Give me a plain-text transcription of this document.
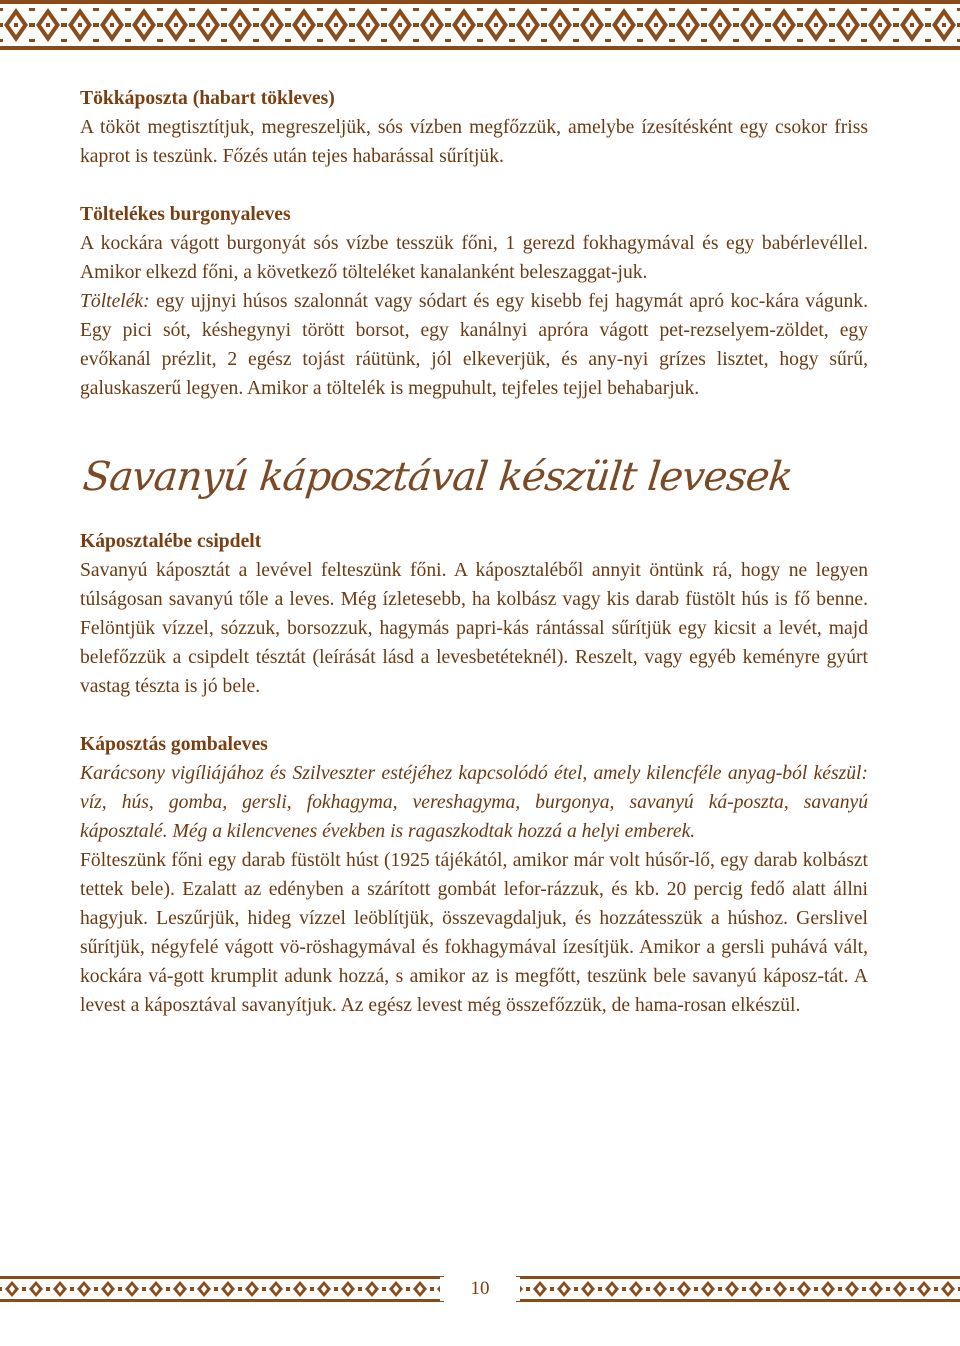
Tökkáposzta (habart tökleves)

A tököt megtisztítjuk, megreszeljük, sós vízben megfőzzük, amelybe ízesítésként egy csokor friss kaprot is teszünk. Főzés után tejes habarással sűrítjük.

Töltelékes burgonyaleves

A kockára vágott burgonyát sós vízbe tesszük főni, 1 gerezd fokhagymával és egy babérlevéllel. Amikor elkezd főni, a következő tölteléket kanalanként beleszaggat-juk.

Töltelék: egy ujjnyi húsos szalonnát vagy sódart és egy kisebb fej hagymát apró koc-kára vágunk. Egy pici sót, késhegynyi törött borsot, egy kanálnyi apróra vágott pet-rezselyem-zöldet, egy evőkanál prézlit, 2 egész tojást ráütünk, jól elkeverjük, és any-nyi grízes lisztet, hogy sűrű, galuskaszerű legyen. Amikor a töltelék is megpuhult, tejfeles tejjel behabarjuk.

Savanyú káposztával készült levesek

Káposztalébe csipdelt

Savanyú káposztát a levével felteszünk főni. A káposztaléből annyit öntünk rá, hogy ne legyen túlságosan savanyú tőle a leves. Még ízletesebb, ha kolbász vagy kis darab füstölt hús is fő benne. Felöntjük vízzel, sózzuk, borsozzuk, hagymás papri-kás rántással sűrítjük egy kicsit a levét, majd belefőzzük a csipdelt tésztát (leírását lásd a levesbetéteknél). Reszelt, vagy egyéb keményre gyúrt vastag tészta is jó bele.

Káposztás gombaleves

Karácsony vigíliájához és Szilveszter estéjéhez kapcsolódó étel, amely kilencféle anyag-ból készül: víz, hús, gomba, gersli, fokhagyma, vereshagyma, burgonya, savanyú ká-poszta, savanyú káposztalé. Még a kilencvenes években is ragaszkodtak hozzá a helyi emberek.

Fölteszünk főni egy darab füstölt húst (1925 tájékától, amikor már volt húsőr-lő, egy darab kolbászt tettek bele). Ezalatt az edényben a szárított gombát lefor-rázzuk, és kb. 20 percig fedő alatt állni hagyjuk. Leszűrjük, hideg vízzel leöblítjük, összevagdaljuk, és hozzátesszük a húshoz. Gerslivel sűrítjük, négyfelé vágott vö-röshagymával és fokhagymával ízesítjük. Amikor a gersli puhává vált, kockára vá-gott krumplit adunk hozzá, s amikor az is megfőtt, teszünk bele savanyú káposz-tát. A levest a káposztával savanyítjuk. Az egész levest még összefőzzük, de hama-rosan elkészül.

10
